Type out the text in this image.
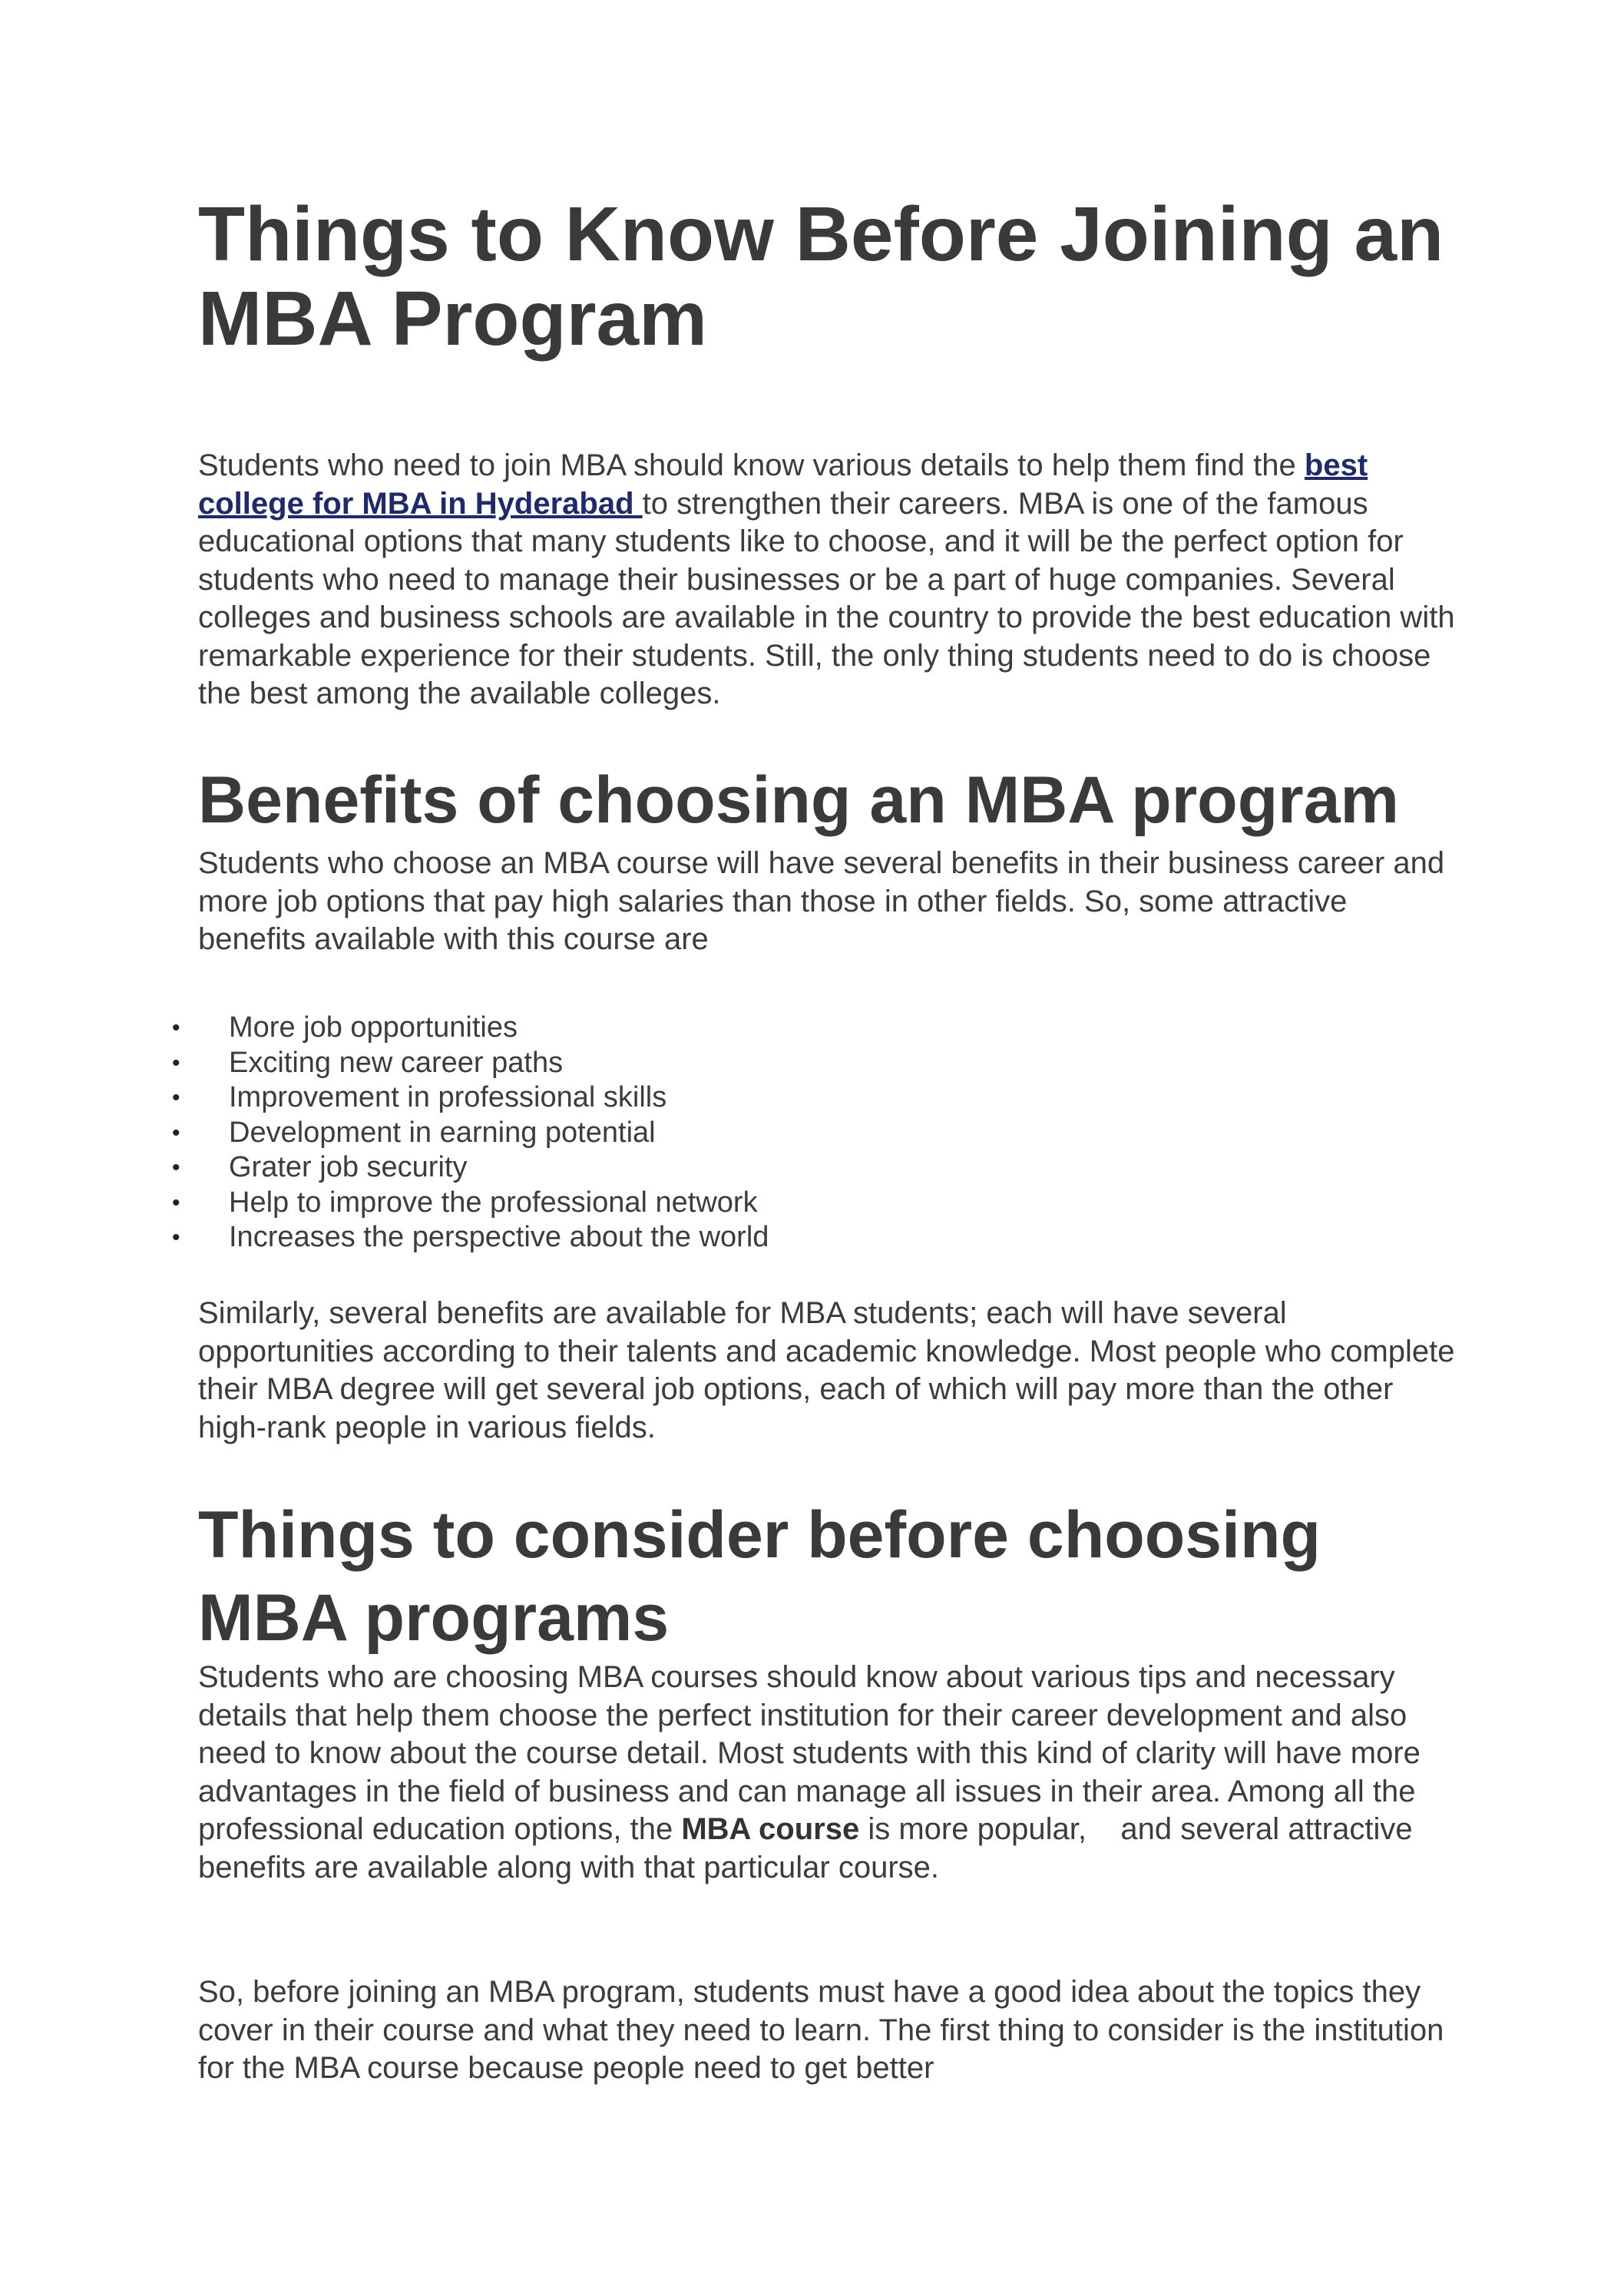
Things to Know Before Joining an MBA Program

Students who need to join MBA should know various details to help them find the best college for MBA in Hyderabad to strengthen their careers. MBA is one of the famous educational options that many students like to choose, and it will be the perfect option for students who need to manage their businesses or be a part of huge companies. Several colleges and business schools are available in the country to provide the best education with remarkable experience for their students. Still, the only thing students need to do is choose the best among the available colleges.

Benefits of choosing an MBA program

Students who choose an MBA course will have several benefits in their business career and more job options that pay high salaries than those in other fields. So, some attractive benefits available with this course are

• More job opportunities
• Exciting new career paths
• Improvement in professional skills
• Development in earning potential
• Grater job security
• Help to improve the professional network
• Increases the perspective about the world

Similarly, several benefits are available for MBA students; each will have several opportunities according to their talents and academic knowledge. Most people who complete their MBA degree will get several job options, each of which will pay more than the other high-rank people in various fields.

Things to consider before choosing MBA programs

Students who are choosing MBA courses should know about various tips and necessary details that help them choose the perfect institution for their career development and also need to know about the course detail. Most students with this kind of clarity will have more advantages in the field of business and can manage all issues in their area. Among all the professional education options, the MBA course is more popular,    and several attractive benefits are available along with that particular course.

So, before joining an MBA program, students must have a good idea about the topics they cover in their course and what they need to learn. The first thing to consider is the institution for the MBA course because people need to get better
